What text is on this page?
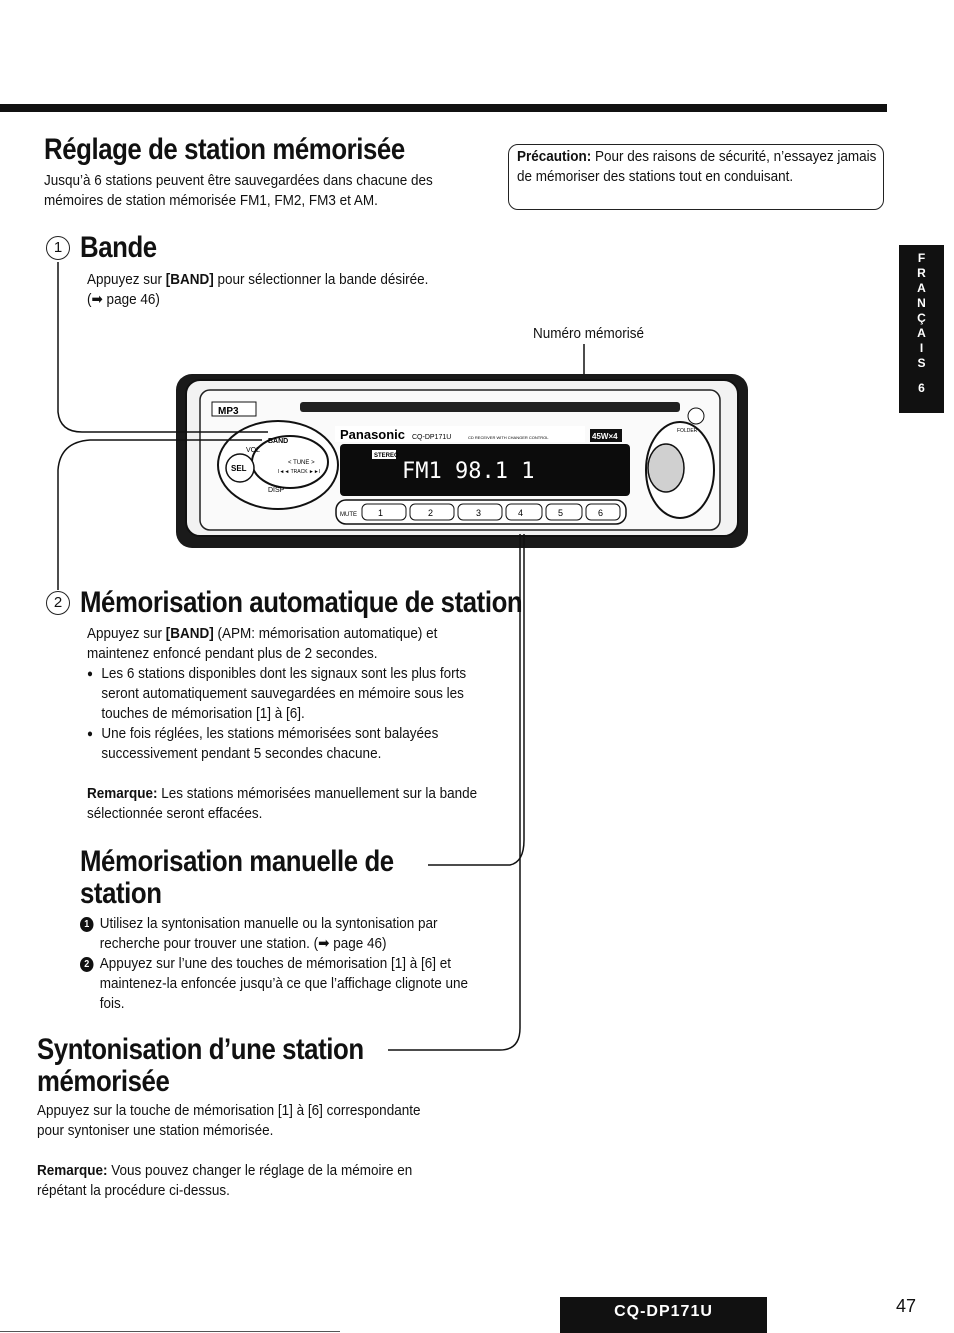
Réglage de station mémorisée
Jusqu’à 6 stations peuvent être sauvegardées dans chacune des mémoires de station mémorisée FM1, FM2, FM3 et AM.
Précaution: Pour des raisons de sécurité, n’essayez jamais de mémoriser des stations tout en conduisant.
F
R
A
N
Ç
A
I
S
6
1 Bande
Appuyez sur [BAND] pour sélectionner la bande désirée.
(➡ page 46)
Numéro mémorisé
MP3
Panasonic CQ-DP171U	CD RECEIVER WITH CHANGER CONTROL	45W×4
STEREO
FM1 98.1 1
SEL
BAND
VOL
< TUNE >
I◄◄ TRACK ►►I
DISP
FOLDER
MUTE 1	2	3	4	5	6
2 Mémorisation automatique de station
Appuyez sur [BAND] (APM: mémorisation automatique) et maintenez enfoncé pendant plus de 2 secondes.
● Les 6 stations disponibles dont les signaux sont les plus forts seront automatiquement sauvegardées en mémoire sous les touches de mémorisation [1] à [6].
● Une fois réglées, les stations mémorisées sont balayées successivement pendant 5 secondes chacune.
Remarque: Les stations mémorisées manuellement sur la bande sélectionnée seront effacées.
Mémorisation manuelle de
station
1 Utilisez la syntonisation manuelle ou la syntonisation par recherche pour trouver une station. (➡ page 46)
2 Appuyez sur l’une des touches de mémorisation [1] à [6] et maintenez-la enfoncée jusqu’à ce que l’affichage clignote une fois.
Syntonisation d’une station
mémorisée
Appuyez sur la touche de mémorisation [1] à [6] correspondante pour syntoniser une station mémorisée.
Remarque: Vous pouvez changer le réglage de la mémoire en répétant la procédure ci-dessus.
CQ-DP171U	47
